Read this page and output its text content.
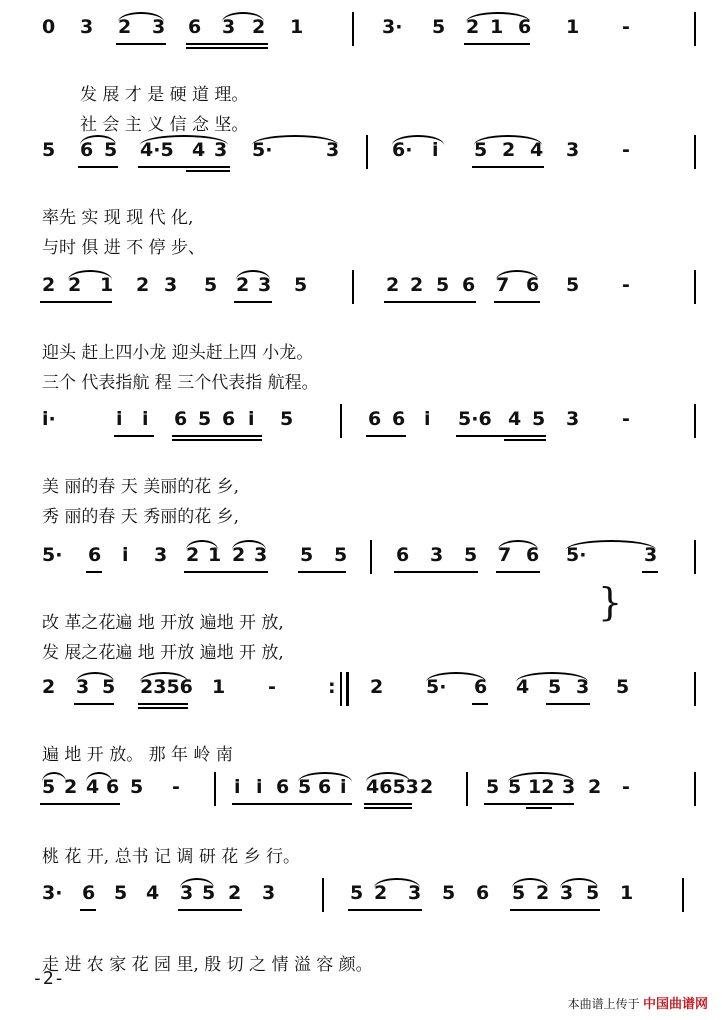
0 3 2 3 6 3 2 1	3· 5 2 1 6 1 -

发 展 才 是 硬 道 理。

社 会 主 义 信 念 坚。

5 6 5 4·5 4 3 5·	3	6· i 5 2 4 3 -

率先 实 现 现 代 化,

与时 俱 进 不 停 步、

2 2 1 2 3 5 2 3 5	2 2 5 6 7 6 5 -

迎头 赶上四小龙 迎头赶上四 小龙。

三个 代表指航 程 三个代表指 航程。

i·	i i 6 5 6 i 5	6 6 i 5·6 4 5 3 -

美 丽的春 天 美丽的花 乡,

秀 丽的春 天 秀丽的花 乡,

5· 6 i 3 2 1 2 3 5 5	6 3 5 7 6 5·	3

改 革之花遍 地 开放 遍地 开 放,

发 展之花遍 地 开放 遍地 开 放,

}
2 3 5 2356 1 -	: 2 5· 6 4 5 3 5

遍 地 开 放。 那 年 岭 南

5 2 4 6 5 -	i i 6 5 6 i 4653 2	5 5 12 3 2 -

桃 花 开, 总书 记 调 研 花 乡 行。

3· 6 5 4 3 5 2 3	5 2 3 5 6 5 2 3 5 1

走 进 农 家 花 园 里, 殷 切 之 情 溢 容 颜。

-2-
本曲谱上传于 中国曲谱网
